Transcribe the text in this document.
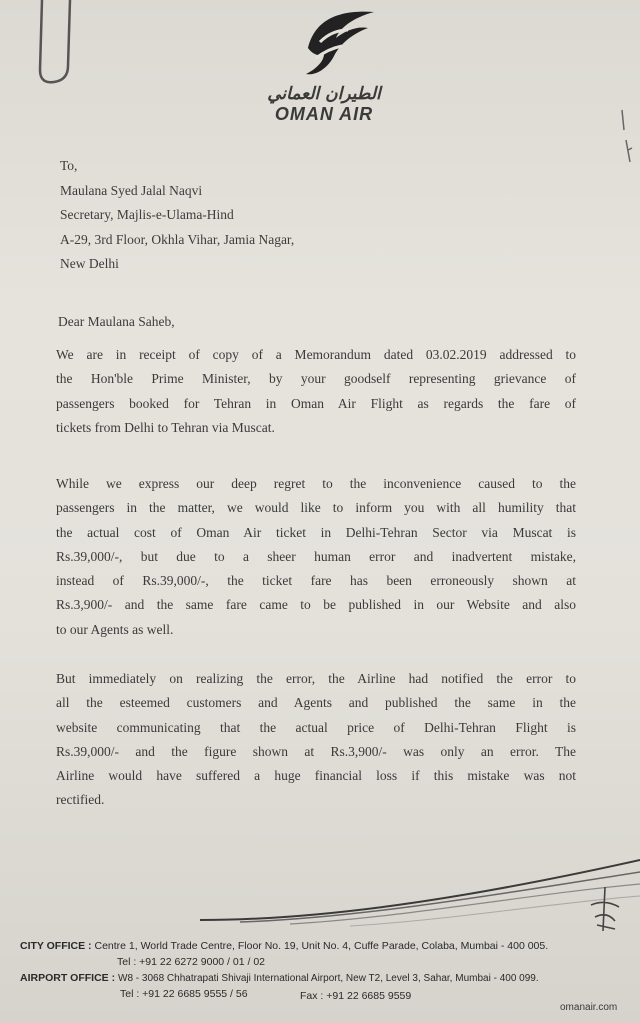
الطيران العماني
OMAN AIR
To,
Maulana Syed Jalal Naqvi
Secretary, Majlis-e-Ulama-Hind
A-29, 3rd Floor, Okhla Vihar, Jamia Nagar,
New Delhi
Dear Maulana Saheb,
We are in receipt of copy of a Memorandum dated 03.02.2019 addressed to
the Hon'ble Prime Minister, by your goodself representing grievance of
passengers booked for Tehran in Oman Air Flight as regards the fare of
tickets from Delhi to Tehran via Muscat.
While we express our deep regret to the inconvenience caused to the
passengers in the matter, we would like to inform you with all humility that
the actual cost of Oman Air ticket in Delhi-Tehran Sector via Muscat is
Rs.39,000/-, but due to a sheer human error and inadvertent mistake,
instead of Rs.39,000/-, the ticket fare has been erroneously shown at
Rs.3,900/- and the same fare came to be published in our Website and also
to our Agents as well.
But immediately on realizing the error, the Airline had notified the error to
all the esteemed customers and Agents and published the same in the
website communicating that the actual price of Delhi-Tehran Flight is
Rs.39,000/- and the figure shown at Rs.3,900/- was only an error. The
Airline would have suffered a huge financial loss if this mistake was not
rectified.
CITY OFFICE : Centre 1, World Trade Centre, Floor No. 19, Unit No. 4, Cuffe Parade, Colaba, Mumbai - 400 005.
Tel : +91 22 6272 9000 / 01 / 02
AIRPORT OFFICE : W8 - 3068 Chhatrapati Shivaji International Airport, New T2, Level 3, Sahar, Mumbai - 400 099.
Tel : +91 22 6685 9555 / 56	Fax : +91 22 6685 9559
omanair.com
